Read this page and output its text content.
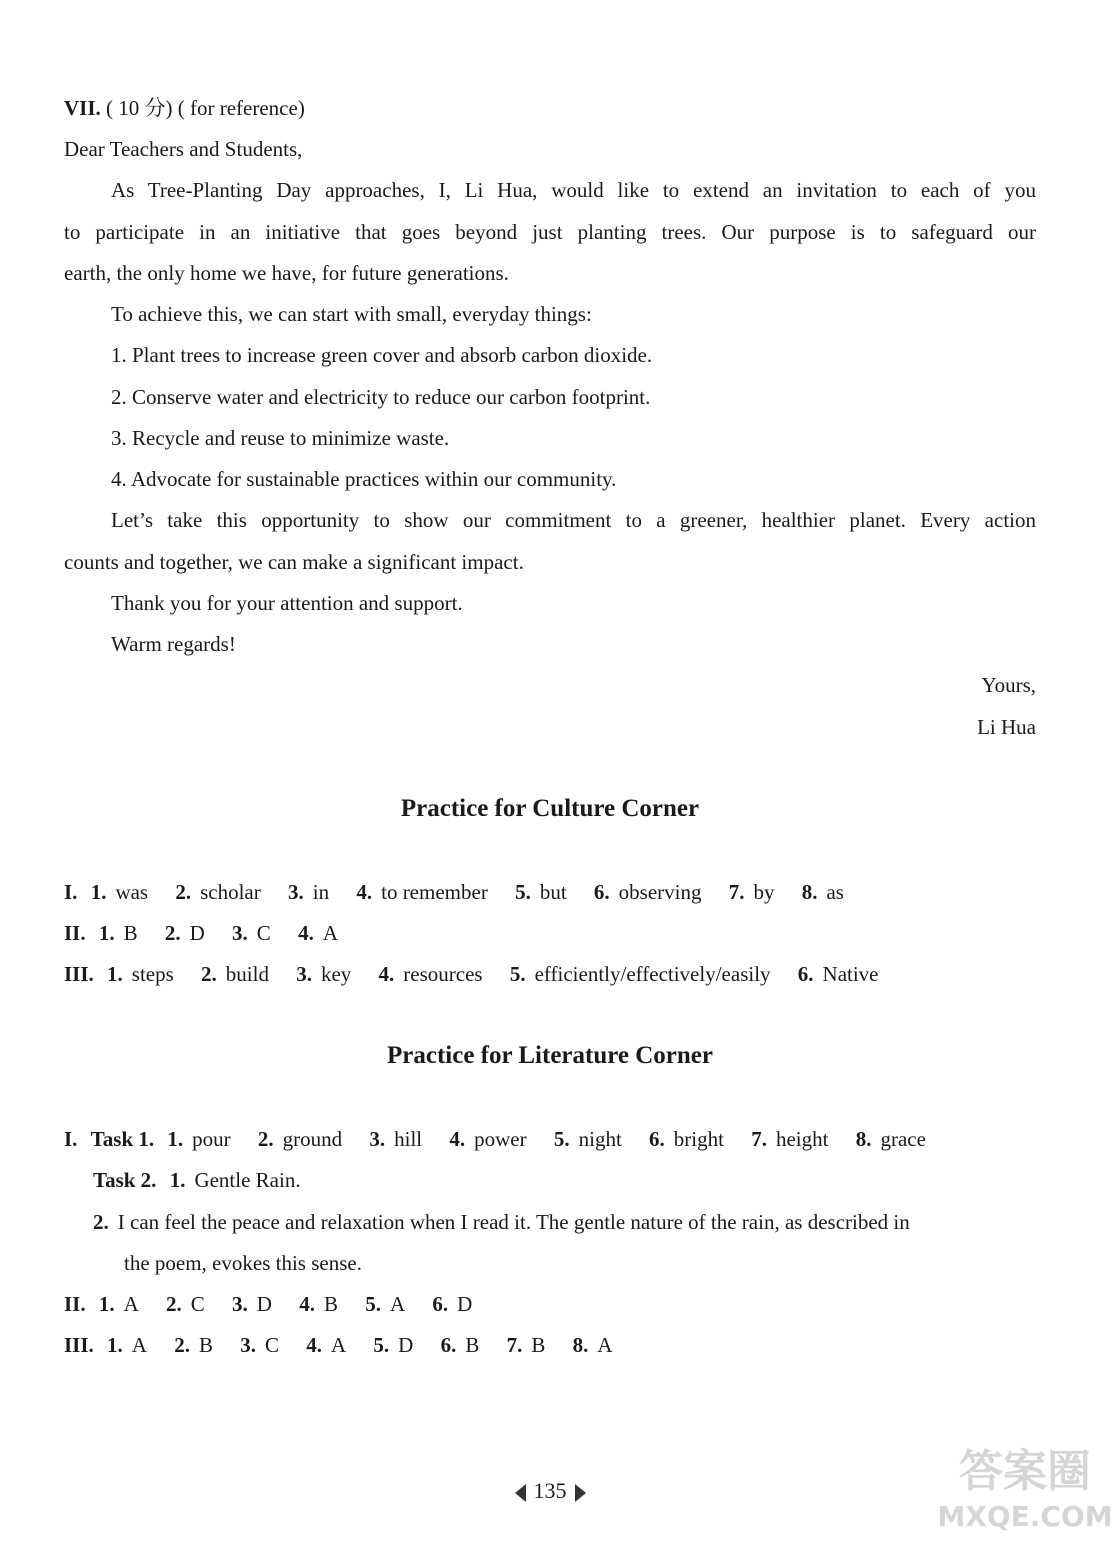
VII. ( 10 分) ( for reference)
Dear Teachers and Students,
As Tree-Planting Day approaches, I, Li Hua, would like to extend an invitation to each of you
to participate in an initiative that goes beyond just planting trees. Our purpose is to safeguard our
earth, the only home we have, for future generations.
To achieve this, we can start with small, everyday things:
1. Plant trees to increase green cover and absorb carbon dioxide.
2. Conserve water and electricity to reduce our carbon footprint.
3. Recycle and reuse to minimize waste.
4. Advocate for sustainable practices within our community.
Let’s take this opportunity to show our commitment to a greener, healthier planet. Every action
counts and together, we can make a significant impact.
Thank you for your attention and support.
Warm regards!
Yours,
Li Hua
Practice for Culture Corner
I. 1. was 2. scholar 3. in 4. to remember 5. but 6. observing 7. by 8. as
II. 1. B 2. D 3. C 4. A
III. 1. steps 2. build 3. key 4. resources 5. efficiently/effectively/easily 6. Native
Practice for Literature Corner
I. Task 1. 1. pour 2. ground 3. hill 4. power 5. night 6. bright 7. height 8. grace
Task 2. 1. Gentle Rain.
2. I can feel the peace and relaxation when I read it. The gentle nature of the rain, as described in
the poem, evokes this sense.
II. 1. A 2. C 3. D 4. B 5. A 6. D
III. 1. A 2. B 3. C 4. A 5. D 6. B 7. B 8. A
135	答案圈
MXQE.COM
